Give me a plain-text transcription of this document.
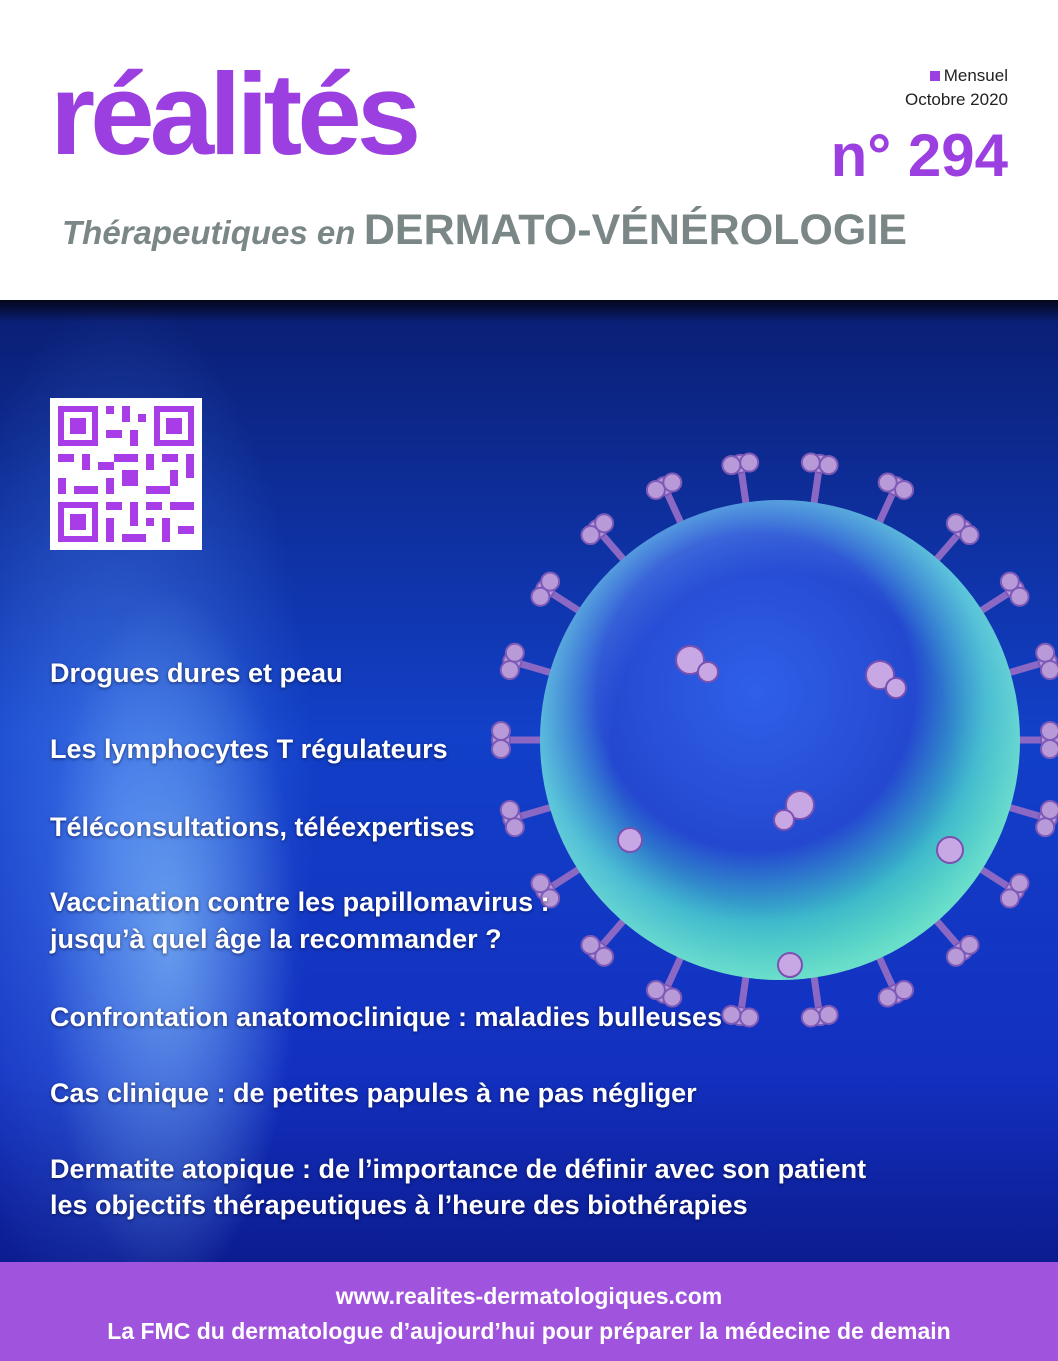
réalités	Mensuel
Octobre 2020
n° 294
Thérapeutiques en DERMATO-VÉNÉROLOGIE
Drogues dures et peau
Les lymphocytes T régulateurs
Téléconsultations, téléexpertises
Vaccination contre les papillomavirus :
jusqu’à quel âge la recommander ?
Confrontation anatomoclinique : maladies bulleuses
Cas clinique : de petites papules à ne pas négliger
Dermatite atopique : de l’importance de définir avec son patient
les objectifs thérapeutiques à l’heure des biothérapies
www.realites-dermatologiques.com
La FMC du dermatologue d’aujourd’hui pour préparer la médecine de demain
